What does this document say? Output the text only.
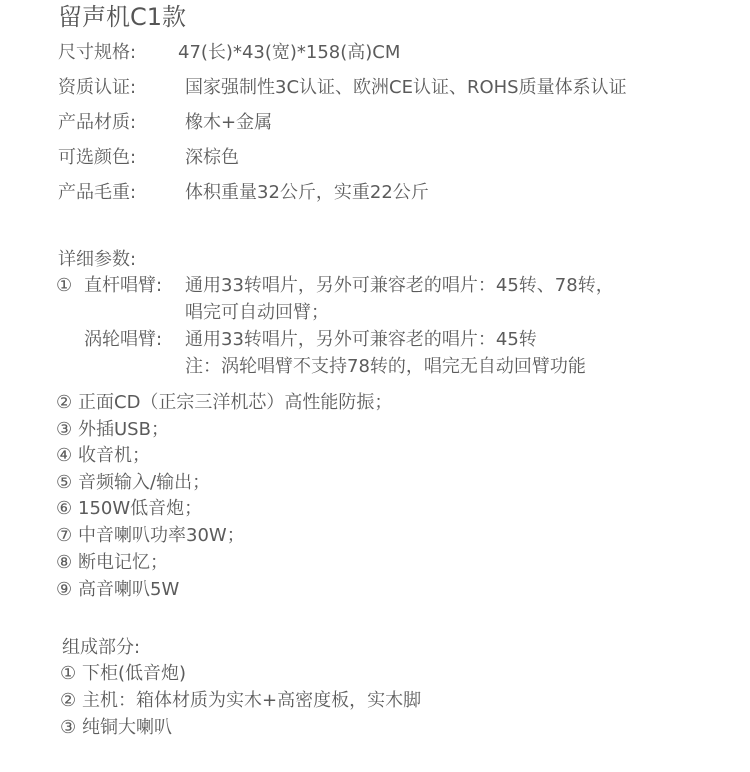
留声机C1款
尺寸规格: 47(长)*43(宽)*158(高)CM
资质认证:	国家强制性3C认证、欧洲CE认证、ROHS质量体系认证
产品材质:	橡木+金属
可选颜色:	深棕色
产品毛重:	体积重量32公斤，实重22公斤
详细参数:
① 直杆唱臂: 通用33转唱片，另外可兼容老的唱片：45转、78转，
唱完可自动回臂；
涡轮唱臂: 通用33转唱片，另外可兼容老的唱片：45转
注：涡轮唱臂不支持78转的，唱完无自动回臂功能
② 正面CD（正宗三洋机芯）高性能防振；
③ 外插USB；
④ 收音机；
⑤ 音频输入/输出；
⑥ 150W低音炮；
⑦ 中音喇叭功率30W；
⑧ 断电记忆；
⑨ 高音喇叭5W
组成部分:
① 下柜(低音炮)
② 主机：箱体材质为实木+高密度板，实木脚
③ 纯铜大喇叭
